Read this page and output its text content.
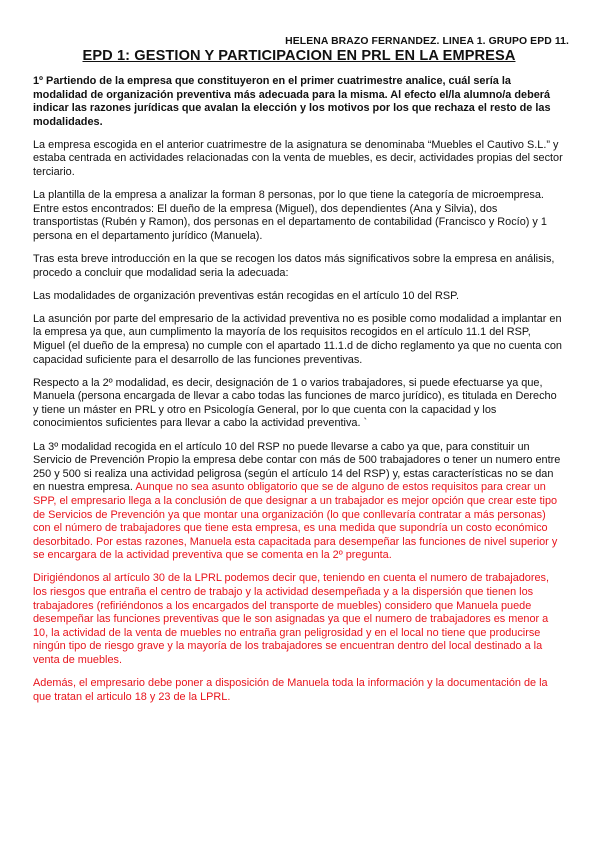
HELENA BRAZO FERNANDEZ. LINEA 1. GRUPO EPD 11.
EPD 1: GESTION Y PARTICIPACION EN PRL EN LA EMPRESA
1º Partiendo de la empresa que constituyeron en el primer cuatrimestre analice, cuál sería la modalidad de organización preventiva más adecuada para la misma. Al efecto el/la alumno/a deberá indicar las razones jurídicas que avalan la elección y los motivos por los que rechaza el resto de las modalidades.

La empresa escogida en el anterior cuatrimestre de la asignatura se denominaba “Muebles el Cautivo S.L.” y estaba centrada en actividades relacionadas con la venta de muebles, es decir, actividades propias del sector terciario.

La plantilla de la empresa a analizar la forman 8 personas, por lo que tiene la categoría de microempresa. Entre estos encontrados: El dueño de la empresa (Miguel), dos dependientes (Ana y Silvia), dos transportistas (Rubén y Ramon), dos personas en el departamento de contabilidad (Francisco y Rocío) y 1 persona en el departamento jurídico (Manuela).

Tras esta breve introducción en la que se recogen los datos más significativos sobre la empresa en análisis, procedo a concluir que modalidad seria la adecuada:

Las modalidades de organización preventivas están recogidas en el artículo 10 del RSP.

La asunción por parte del empresario de la actividad preventiva no es posible como modalidad a implantar en la empresa ya que, aun cumplimento la mayoría de los requisitos recogidos en el artículo 11.1 del RSP, Miguel (el dueño de la empresa) no cumple con el apartado 11.1.d de dicho reglamento ya que no cuenta con capacidad suficiente para el desarrollo de las funciones preventivas.

Respecto a la 2º modalidad, es decir, designación de 1 o varios trabajadores, si puede efectuarse ya que, Manuela (persona encargada de llevar a cabo todas las funciones de marco jurídico), es titulada en Derecho y tiene un máster en PRL y otro en Psicología General, por lo que cuenta con la capacidad y los conocimientos suficientes para llevar a cabo la actividad preventiva. `

La 3º modalidad recogida en el artículo 10 del RSP no puede llevarse a cabo ya que, para constituir un Servicio de Prevención Propio la empresa debe contar con más de 500 trabajadores o tener un numero entre 250 y 500 si realiza una actividad peligrosa (según el artículo 14 del RSP) y, estas características no se dan en nuestra empresa. Aunque no sea asunto obligatorio que se de alguno de estos requisitos para crear un SPP, el empresario llega a la conclusión de que designar a un trabajador es mejor opción que crear este tipo de Servicios de Prevención ya que montar una organización (lo que conllevaría contratar a más personas) con el número de trabajadores que tiene esta empresa, es una medida que supondría un costo económico desorbitado. Por estas razones, Manuela esta capacitada para desempeñar las funciones de nivel superior y se encargara de la actividad preventiva que se comenta en la 2º pregunta.

Dirigiéndonos al artículo 30 de la LPRL podemos decir que, teniendo en cuenta el numero de trabajadores, los riesgos que entraña el centro de trabajo y la actividad desempeñada y a la dispersión que tienen los trabajadores (refiriéndonos a los encargados del transporte de muebles) considero que Manuela puede desempeñar las funciones preventivas que le son asignadas ya que el numero de trabajadores es menor a 10, la actividad de la venta de muebles no entraña gran peligrosidad y en el local no tiene que producirse ningún tipo de riesgo grave y la mayoría de los trabajadores se encuentran dentro del local destinado a la venta de muebles.

Además, el empresario debe poner a disposición de Manuela toda la información y la documentación de la que tratan el articulo 18 y 23 de la LPRL.
